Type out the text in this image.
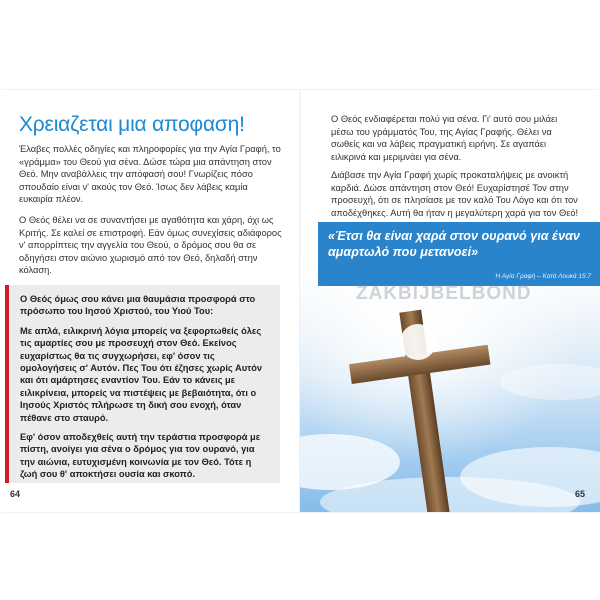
Χρειαζεται μια αποφαση!

Έλαβες πολλές οδηγίες και πληροφορίες για την Αγία Γραφή, το «γράμμα» του Θεού για σένα. Δώσε τώρα μια απάντηση στον Θεό. Μην αναβάλλεις την απόφασή σου! Γνωρίζεις πόσο σπουδαίο είναι ν' ακούς τον Θεό. Ίσως δεν λάβεις καμία ευκαιρία πλέον.

Ο Θεός θέλει να σε συναντήσει με αγαθότητα και χάρη, όχι ως Κριτής. Σε καλεί σε επιστροφή. Εάν όμως συνεχίσεις αδιάφορος ν' απορρίπτεις την αγγελία του Θεού, ο δρόμος σου θα σε οδηγήσει στον αιώνιο χωρισμό από τον Θεό, δηλαδή στην κόλαση.

Ο Θεός όμως σου κάνει μια θαυμάσια προσφορά στο πρόσωπο του Ιησού Χριστού, του Υιού Του:

Με απλά, ειλικρινή λόγια μπορείς να ξεφορτωθείς όλες τις αμαρτίες σου με προσευχή στον Θεό. Εκείνος ευχαρίστως θα τις συγχωρήσει, εφ' όσον τις ομολογήσεις σ' Αυτόν. Πες Του ότι έζησες χωρίς Αυτόν και ότι αμάρτησες εναντίον Του. Εάν το κάνεις με ειλικρίνεια, μπορείς να πιστέψεις με βεβαιότητα, ότι ο Ιησούς Χριστός πλήρωσε τη δική σου ενοχή, όταν πέθανε στο σταυρό.

Εφ' όσον αποδεχθείς αυτή την τεράστια προσφορά με πίστη, ανοίγει για σένα ο δρόμος για τον ουρανό, για την αιώνια, ευτυχισμένη κοινωνία με τον Θεό. Τότε η ζωή σου θ' αποκτήσει ουσία και σκοπό.

64

Ο Θεός ενδιαφέρεται πολύ για σένα. Γι' αυτό σου μιλάει μέσω του γράμματός Του, της Αγίας Γραφής. Θέλει να σωθείς και να λάβεις πραγματική ειρήνη. Σε αγαπάει ειλικρινά και μεριμνάει για σένα.

Διάβασε την Αγία Γραφή χωρίς προκαταλήψεις με ανοικτή καρδιά. Δώσε απάντηση στον Θεό! Ευχαρίστησέ Τον στην προσευχή, ότι σε πλησίασε με τον καλό Του Λόγο και ότι τον αποδέχθηκες. Αυτή θα ήταν η μεγαλύτερη χαρά για τον Θεό!

«Έτσι θα είναι χαρά στον ουρανό για έναν αμαρτωλό που μετανοεί»

Η Αγία Γραφή – Κατά Λουκά 15:7
ZAKBIJBELBOND
65
